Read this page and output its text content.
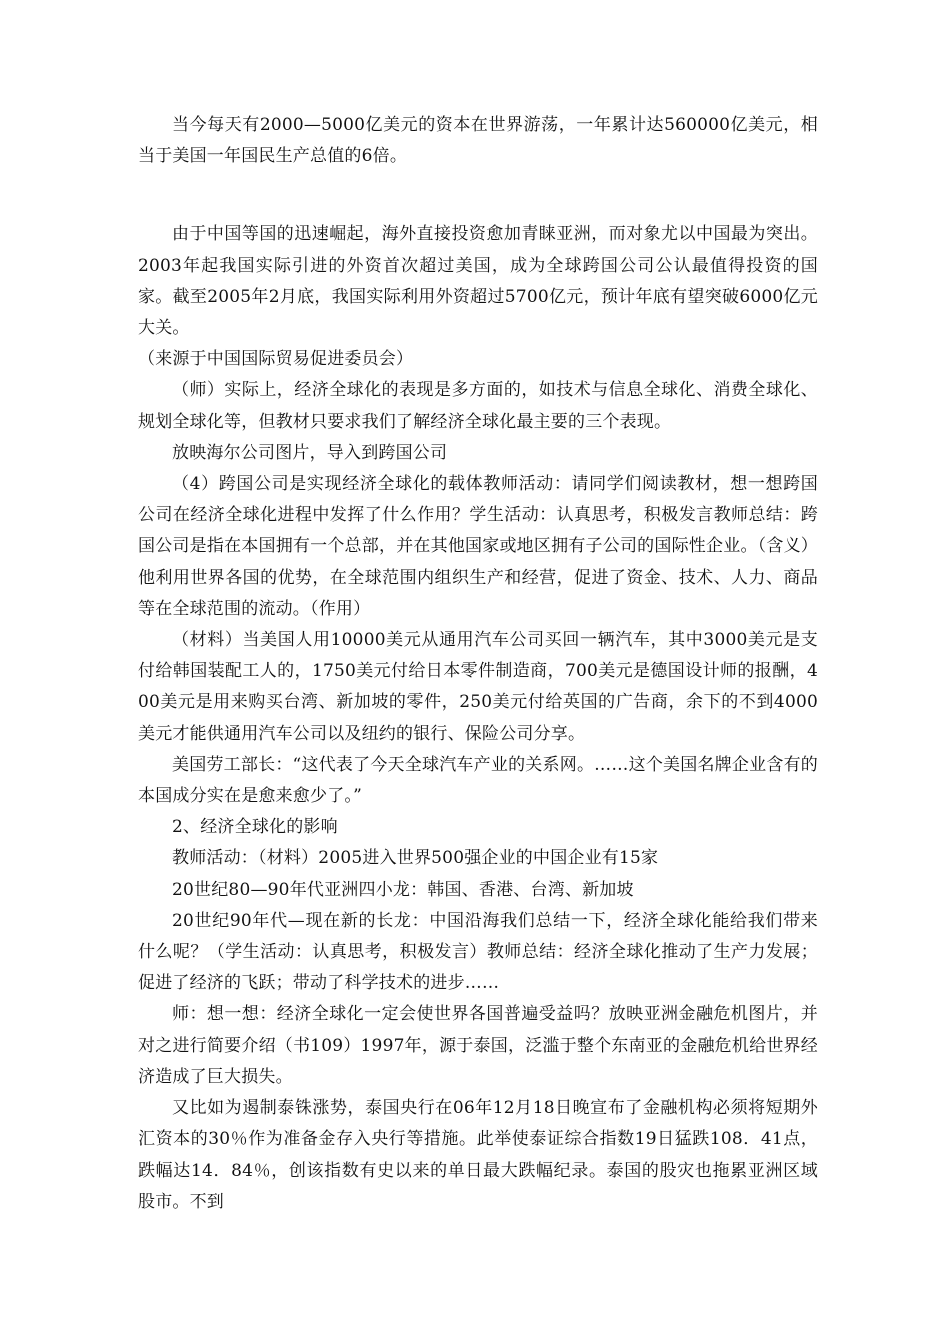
当今每天有2000—5000亿美元的资本在世界游荡，一年累计达560000亿美元，相当于美国一年国民生产总值的6倍。

由于中国等国的迅速崛起，海外直接投资愈加青睐亚洲，而对象尤以中国最为突出。2003年起我国实际引进的外资首次超过美国，成为全球跨国公司公认最值得投资的国家。截至2005年2月底，我国实际利用外资超过5700亿元，预计年底有望突破6000亿元大关。

（来源于中国国际贸易促进委员会）

（师）实际上，经济全球化的表现是多方面的，如技术与信息全球化、消费全球化、规划全球化等，但教材只要求我们了解经济全球化最主要的三个表现。

放映海尔公司图片，导入到跨国公司

（4）跨国公司是实现经济全球化的载体教师活动：请同学们阅读教材，想一想跨国公司在经济全球化进程中发挥了什么作用？学生活动：认真思考，积极发言教师总结：跨国公司是指在本国拥有一个总部，并在其他国家或地区拥有子公司的国际性企业。（含义）他利用世界各国的优势，在全球范围内组织生产和经营，促进了资金、技术、人力、商品等在全球范围的流动。（作用）

（材料）当美国人用10000美元从通用汽车公司买回一辆汽车，其中3000美元是支付给韩国装配工人的，1750美元付给日本零件制造商，700美元是德国设计师的报酬，400美元是用来购买台湾、新加坡的零件，250美元付给英国的广告商，余下的不到4000美元才能供通用汽车公司以及纽约的银行、保险公司分享。

美国劳工部长：“这代表了今天全球汽车产业的关系网。……这个美国名牌企业含有的本国成分实在是愈来愈少了。”

2、经济全球化的影响

教师活动：（材料）2005进入世界500强企业的中国企业有15家

20世纪80—90年代亚洲四小龙：韩国、香港、台湾、新加坡

20世纪90年代—现在新的长龙：中国沿海我们总结一下，经济全球化能给我们带来什么呢？（学生活动：认真思考，积极发言）教师总结：经济全球化推动了生产力发展；促进了经济的飞跃；带动了科学技术的进步……

师：想一想：经济全球化一定会使世界各国普遍受益吗？放映亚洲金融危机图片，并对之进行简要介绍（书109）1997年，源于泰国，泛滥于整个东南亚的金融危机给世界经济造成了巨大损失。

又比如为遏制泰铢涨势，泰国央行在06年12月18日晚宣布了金融机构必须将短期外汇资本的30％作为准备金存入央行等措施。此举使泰证综合指数19日猛跌108．41点，跌幅达14．84％，创该指数有史以来的单日最大跌幅纪录。泰国的股灾也拖累亚洲区域股市。不到
